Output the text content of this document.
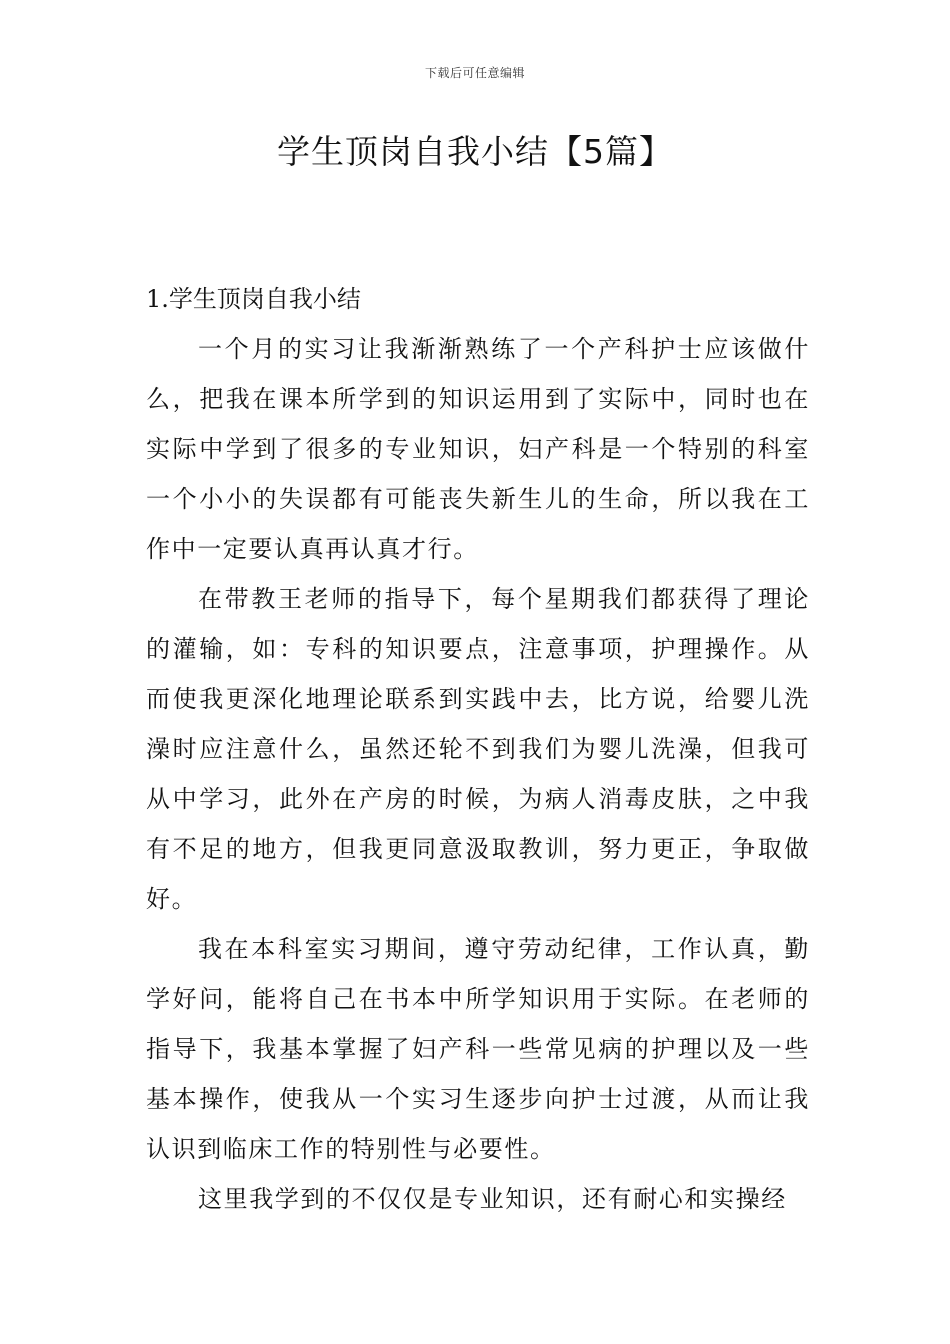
下载后可任意编辑
学生顶岗自我小结【5篇】
1.学生顶岗自我小结

一个月的实习让我渐渐熟练了一个产科护士应该做什么，把我在课本所学到的知识运用到了实际中，同时也在实际中学到了很多的专业知识，妇产科是一个特别的科室一个小小的失误都有可能丧失新生儿的生命，所以我在工作中一定要认真再认真才行。

在带教王老师的指导下，每个星期我们都获得了理论的灌输，如：专科的知识要点，注意事项，护理操作。从而使我更深化地理论联系到实践中去，比方说，给婴儿洗澡时应注意什么，虽然还轮不到我们为婴儿洗澡，但我可从中学习，此外在产房的时候，为病人消毒皮肤，之中我有不足的地方，但我更同意汲取教训，努力更正，争取做好。

我在本科室实习期间，遵守劳动纪律，工作认真，勤学好问，能将自己在书本中所学知识用于实际。在老师的指导下，我基本掌握了妇产科一些常见病的护理以及一些基本操作，使我从一个实习生逐步向护士过渡，从而让我认识到临床工作的特别性与必要性。

这里我学到的不仅仅是专业知识，还有耐心和实操经
